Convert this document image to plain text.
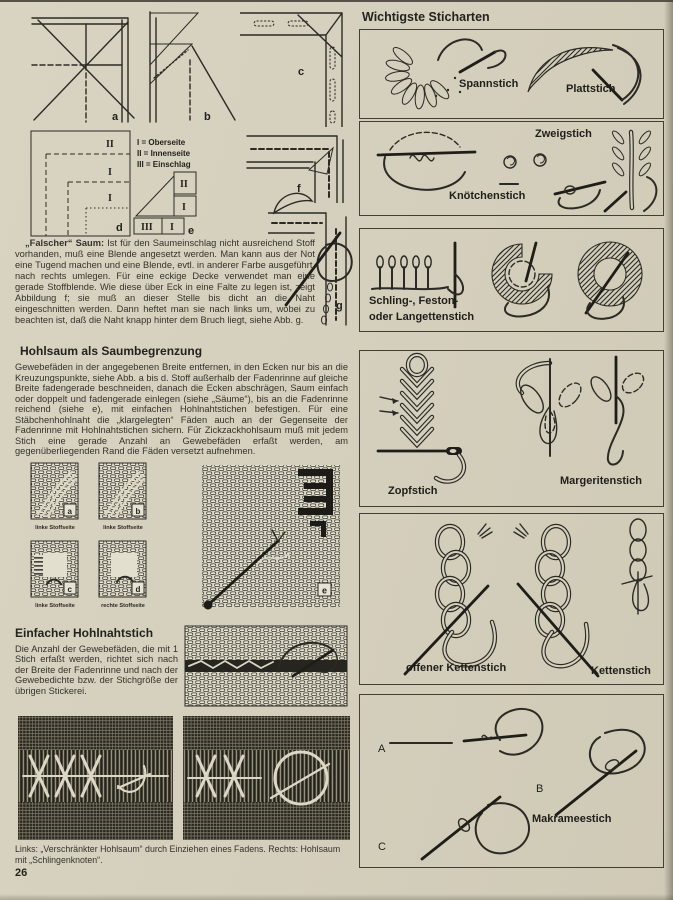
a	b
c
II
I
I
d
I = Oberseite
II = Innenseite
III = Einschlag
II
I
III I e
f
g

„Falscher“ Saum: Ist für den Saumeinschlag nicht ausreichend Stoff vorhanden, muß eine Blende angesetzt werden. Man kann aus der Not eine Tugend machen und eine Blende, evtl. in anderer Farbe ausgeführt, nach rechts umlegen. Für eine eckige Decke verwendet man eine gerade Stoffblende. Wie diese über Eck in eine Falte zu legen ist, zeigt Abbildung f; sie muß an dieser Stelle bis dicht an die Naht eingeschnitten werden. Dann heftet man sie nach links um, wobei zu beachten ist, daß die Naht knapp hinter dem Bruch liegt, siehe Abb. g.

Hohlsaum als Saumbegrenzung

Gewebefäden in der angegebenen Breite entfernen, in den Ecken nur bis an die Kreuzungspunkte, siehe Abb. a bis d. Stoff außerhalb der Fadenrinne auf gleiche Breite fadengerade beschneiden, danach die Ecken abschrägen, Saum einfach oder doppelt und fadengerade einlegen (siehe „Säume“), bis an die Fadenrinne reichend (siehe e), mit einfachen Hohlnahtstichen befestigen. Für eine Stäbchenhohlnaht die „klargelegten“ Fäden auch an der Gegenseite der Fadenrinne mit Hohlnahtstichen sichern. Für Zickzackhohlsaum muß mit jedem Stich eine gerade Anzahl an Gewebefäden erfaßt werden, am gegenüberliegenden Rand die Fäden versetzt aufnehmen.

a
linke Stoffseite
b
linke Stoffseite
c
linke Stoffseite
d
rechte Stoffseite
e
Einfacher Hohlnahtstich

Die Anzahl der Gewebefäden, die mit 1 Stich erfaßt werden, richtet sich nach der Breite der Fadenrinne und nach der Gewebedichte bzw. der Stichgröße der übrigen Stickerei.

Links: „Verschränkter Hohlsaum“ durch Einziehen eines Fadens. Rechts: Hohlsaum mit „Schlingenknoten“.

26
Wichtigste Sticharten
Spannstich	Plattstich
Zweigstich
Knötchenstich
Schling-, Feston-
oder Langettenstich
Zopfstich
Margeritenstich
offener Kettenstich	Kettenstich
A
B
C
Makrameestich
